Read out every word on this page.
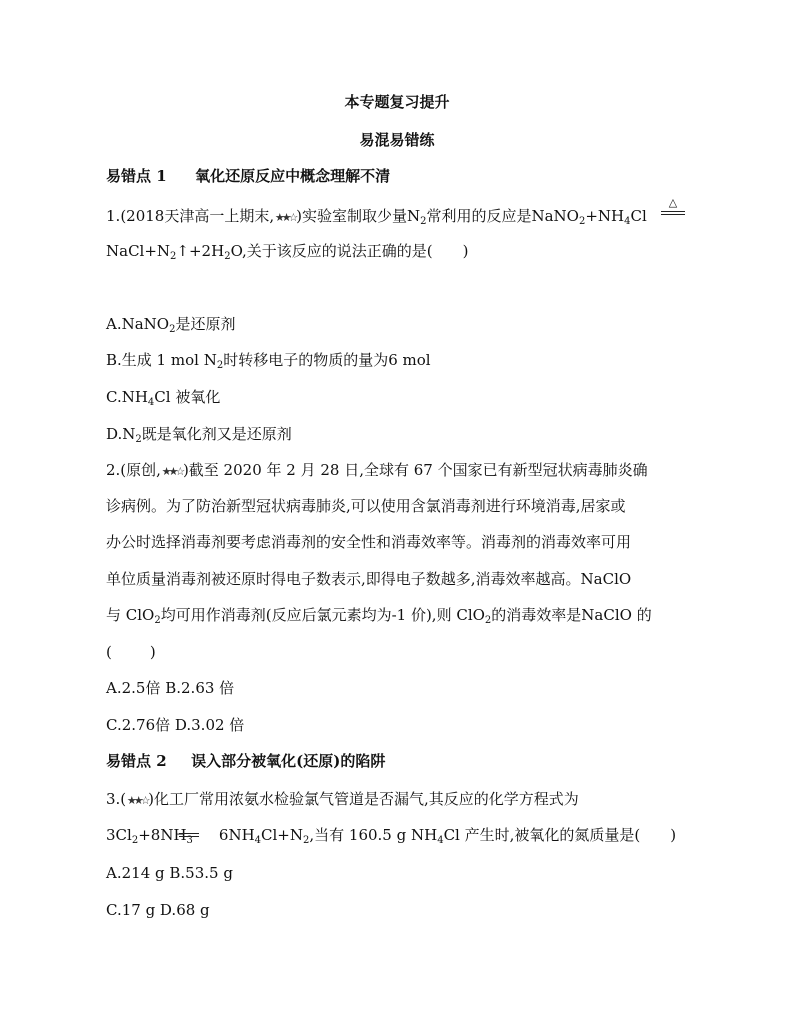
本专题复习提升
易混易错练
易错点 1 氧化还原反应中概念理解不清
1.(2018天津高一上期末,★★☆)实验室制取少量$N_2$常利用的反应是$NaNO_2+NH_4Cl$
△
$NaCl+N_2↑+2H_2O$,关于该反应的说法正确的是( )
A.NaNO$_2$是还原剂
B.生成 1 mol $N_2$时转移电子的物质的量为6 mol
$C.NH_4Cl$ 被氧化
$D.N_2$既是氧化剂又是还原剂
2.(原创,★★☆)截至 2020 年 2 月 28 日,全球有 67 个国家已有新型冠状病毒肺炎确
诊病例。为了防治新型冠状病毒肺炎,可以使用含氯消毒剂进行环境消毒,居家或
办公时选择消毒剂要考虑消毒剂的安全性和消毒效率等。消毒剂的消毒效率可用
单位质量消毒剂被还原时得电子数表示,即得电子数越多,消毒效率越高。NaClO
与 ClO$_2$均可用作消毒剂(反应后氯元素均为-1 价),则 ClO$_2$的消毒效率是NaClO 的
(	)
A.2.5倍 B.2.63 倍
C.2.76倍 D.3.02 倍
易错点 2 误入部分被氧化(还原)的陷阱
3.(★★☆)化工厂常用浓氨水检验氯气管道是否漏气,其反应的化学方程式为
$3Cl_2+8NH_3$ $6NH_4Cl+N_2$,当有 160.5 g $NH_4Cl$ 产生时,被氧化的氮质量是( )
A.214 g B.53.5 g
C.17 g D.68 g
